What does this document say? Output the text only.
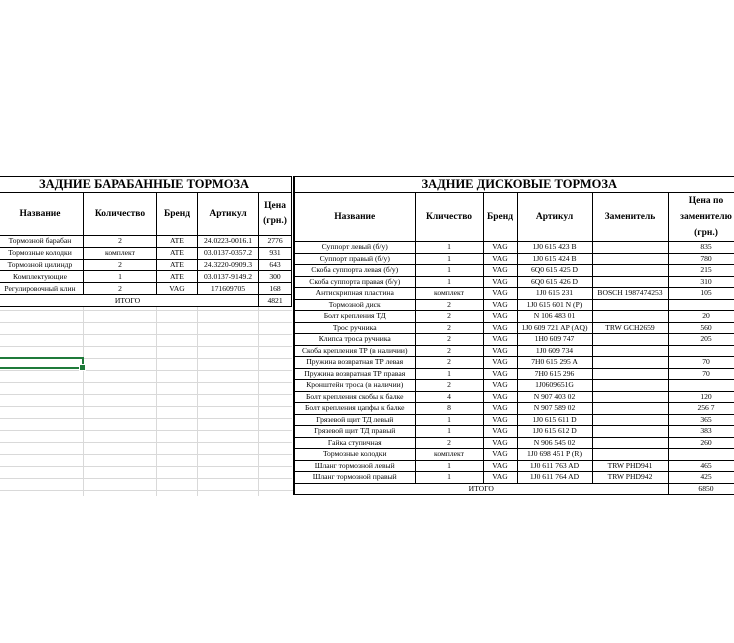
ЗАДНИЕ БАРАБАННЫЕ ТОРМОЗА				
Название	Количество	Бренд	Артикул	Цена (грн.)
Тормозной барабан	2	ATE	24.0223-0016.1	2776
Тормозные колодки	комплект	ATE	03.0137-0357.2	931
Тормозной цилиндр	2	ATE	24.3220-0909.3	643
Комплектующие	1	ATE	03.0137-9149.2	300
Регулировочный клин	2	VAG	171609705	168
ИТОГО				4821
ЗАДНИЕ ДИСКОВЫЕ ТОРМОЗА					
Название	Кличество	Бренд	Артикул	Заменитель	Цена по заменителю (грн.)
Суппорт левый (б/у)	1	VAG	1J0 615 423 B		835
Суппорт правый (б/у)	1	VAG	1J0 615 424 B		780
Скоба суппорта левая (б/у)	1	VAG	6Q0 615 425 D		215
Скоба суппорта правая (б/у)	1	VAG	6Q0 615 426 D		310
Антискрипная пластина	комплект	VAG	1J0 615 231	BOSCH 1987474253	105
Тормозной диск	2	VAG	1J0 615 601 N (P)		
Болт крепления ТД	2	VAG	N 106 483 01		20
Трос ручника	2	VAG	1J0 609 721 AP (AQ)	TRW GCH2659	560
Клипса троса ручника	2	VAG	1H0 609 747		205
Скоба крепления ТР (в наличии)	2	VAG	1J0 609 734		
Пружина возвратная ТР левая	2	VAG	7H0 615 295 A		70
Пружина возвратная ТР правая	1	VAG	7H0 615 296		70
Кронштейн троса (в наличии)	2	VAG	1J0609651G		
Болт крепления скобы к балке	4	VAG	N 907 403 02		120
Болт крепления цапфы к балке	8	VAG	N 907 589 02		256 7
Грязевой щит ТД левый	1	VAG	1J0 615 611 D		365
Грязевой щит ТД правый	1	VAG	1J0 615 612 D		383
Гайка ступичная	2	VAG	N 906 545 02		260
Тормозные колодки	комплект	VAG	1J0 698 451 P (R)		
Шланг тормозной левый	1	VAG	1J0 611 763 AD	TRW PHD941	465
Шланг тормозной правый	1	VAG	1J0 611 764 AD	TRW PHD942	425
ИТОГО					6850
